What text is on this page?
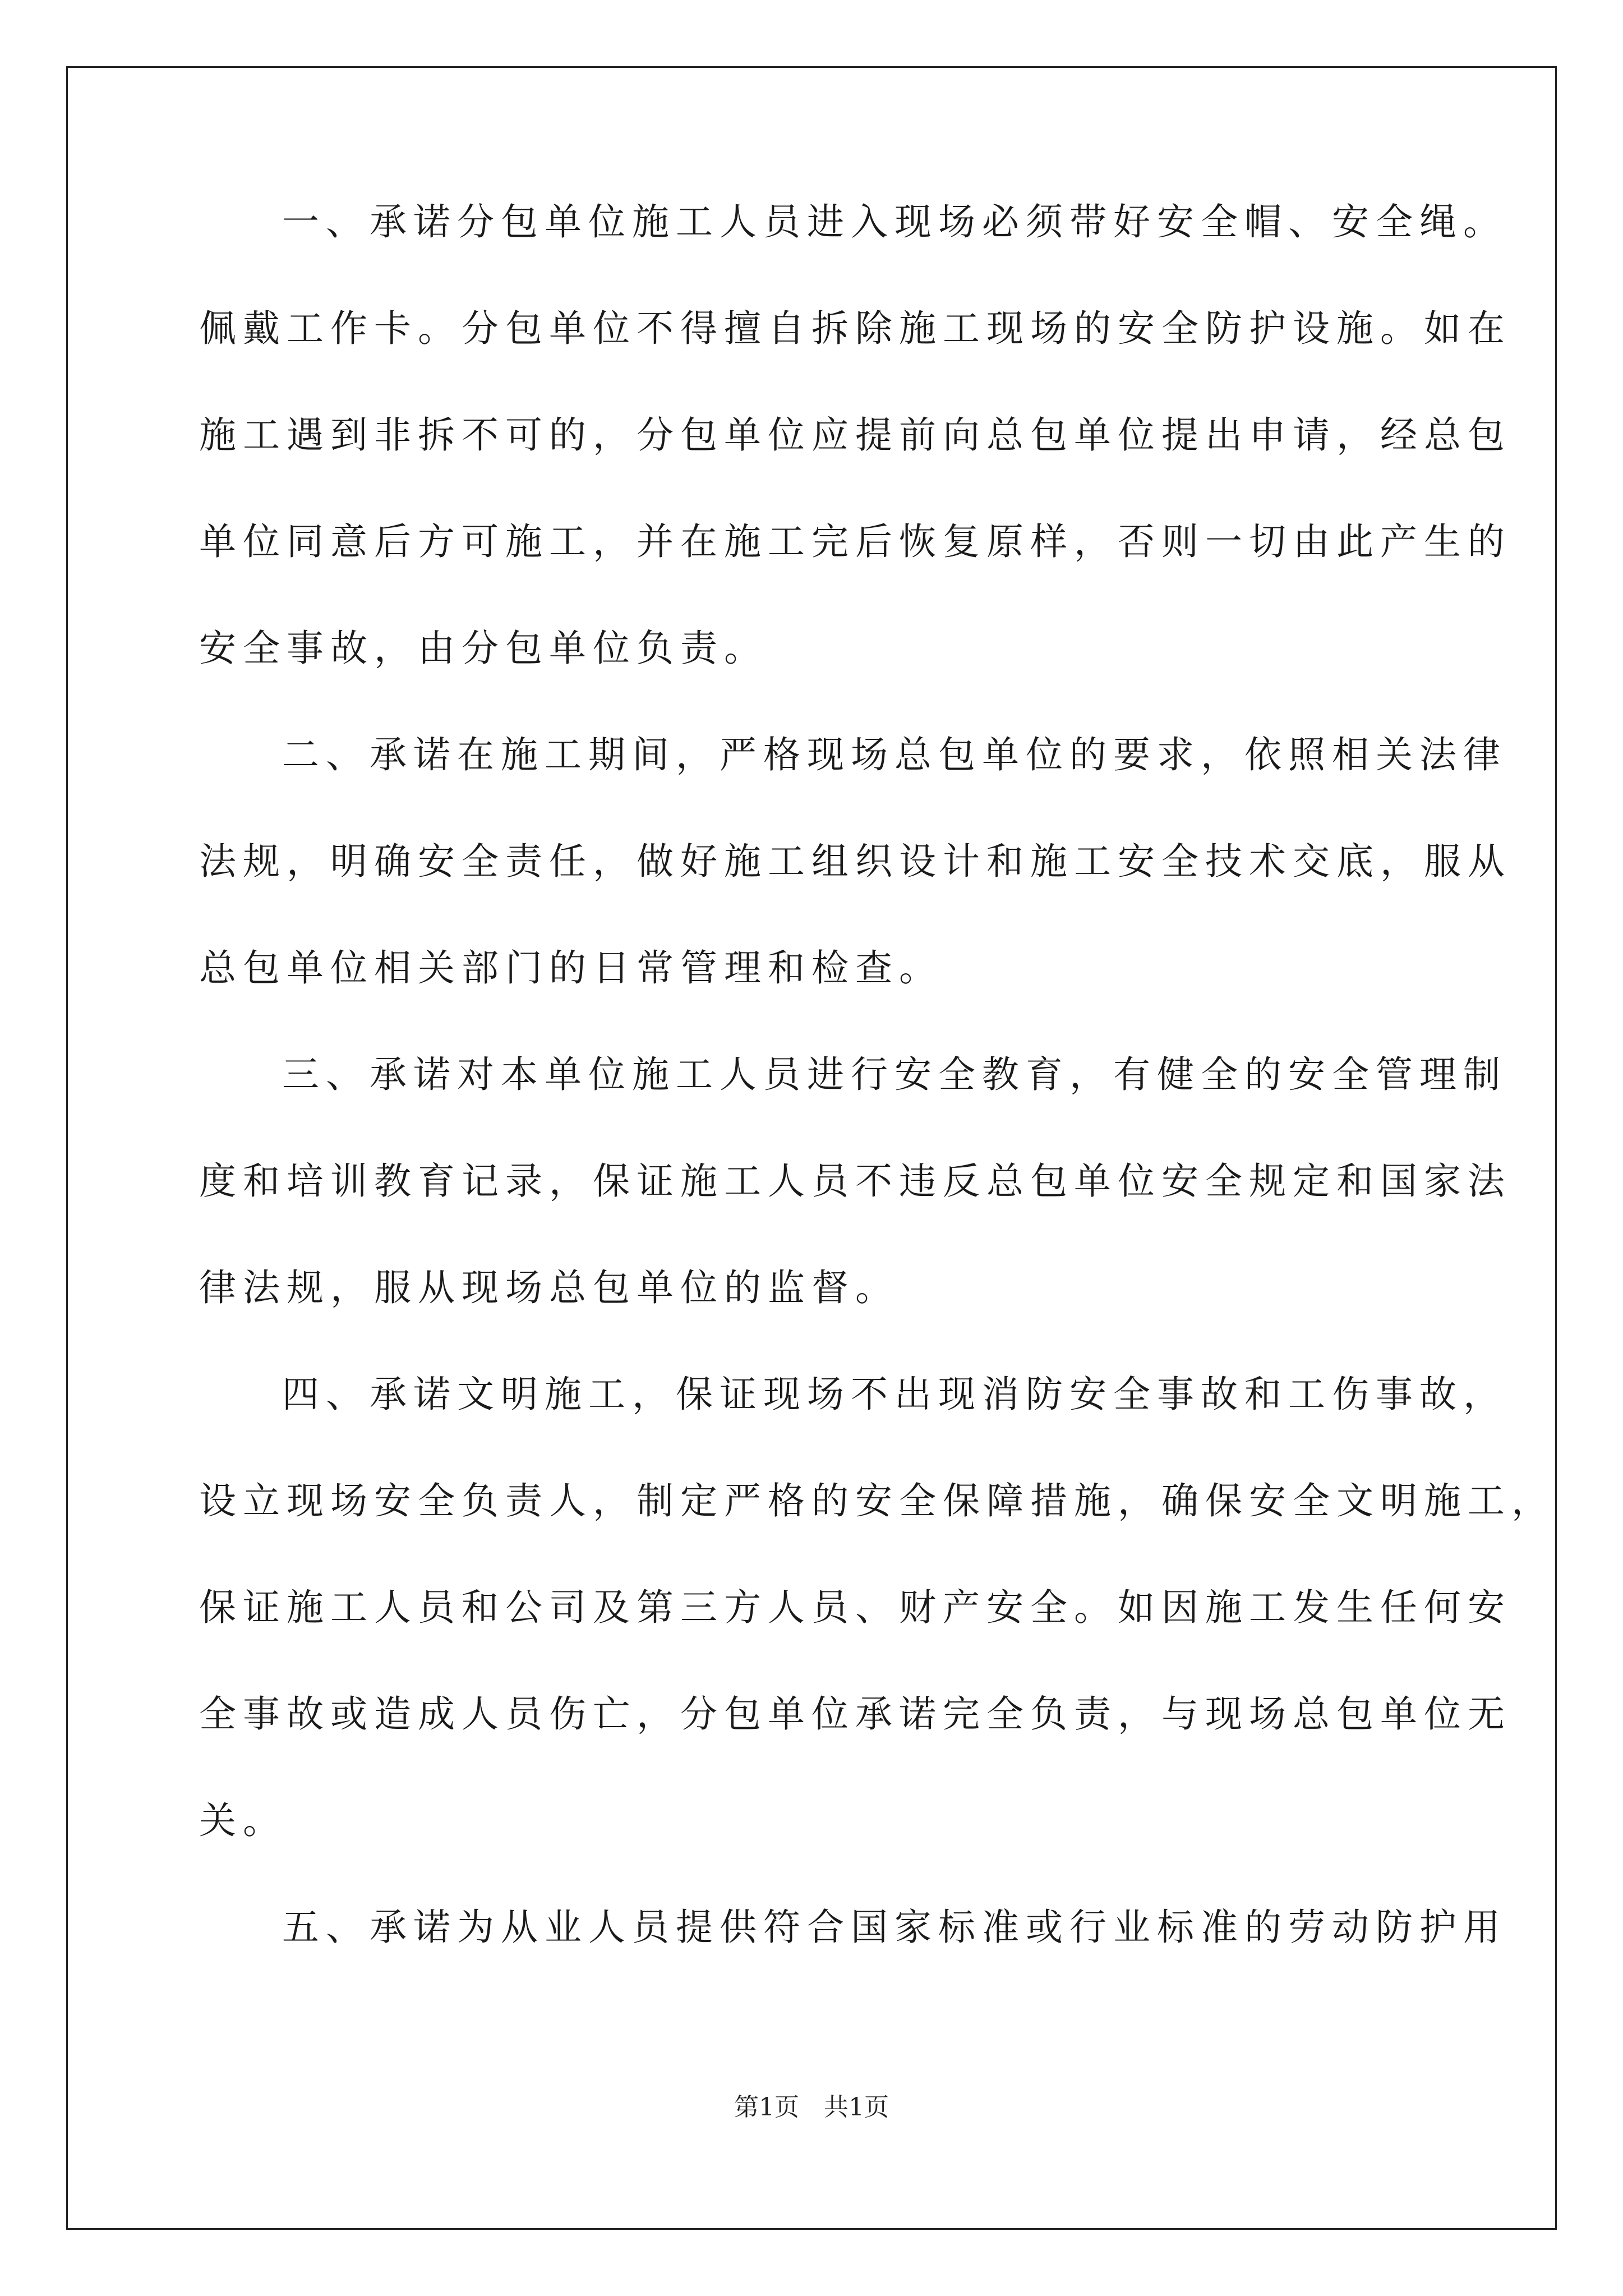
一、承诺分包单位施工人员进入现场必须带好安全帽、安全绳。
佩戴工作卡。分包单位不得擅自拆除施工现场的安全防护设施。如在
施工遇到非拆不可的，分包单位应提前向总包单位提出申请，经总包
单位同意后方可施工，并在施工完后恢复原样，否则一切由此产生的
安全事故，由分包单位负责。
二、承诺在施工期间，严格现场总包单位的要求，依照相关法律
法规，明确安全责任，做好施工组织设计和施工安全技术交底，服从
总包单位相关部门的日常管理和检查。
三、承诺对本单位施工人员进行安全教育，有健全的安全管理制
度和培训教育记录，保证施工人员不违反总包单位安全规定和国家法
律法规，服从现场总包单位的监督。
四、承诺文明施工，保证现场不出现消防安全事故和工伤事故，
设立现场安全负责人，制定严格的安全保障措施，确保安全文明施工，
保证施工人员和公司及第三方人员、财产安全。如因施工发生任何安
全事故或造成人员伤亡，分包单位承诺完全负责，与现场总包单位无
关。
五、承诺为从业人员提供符合国家标准或行业标准的劳动防护用
第1页　共1页
